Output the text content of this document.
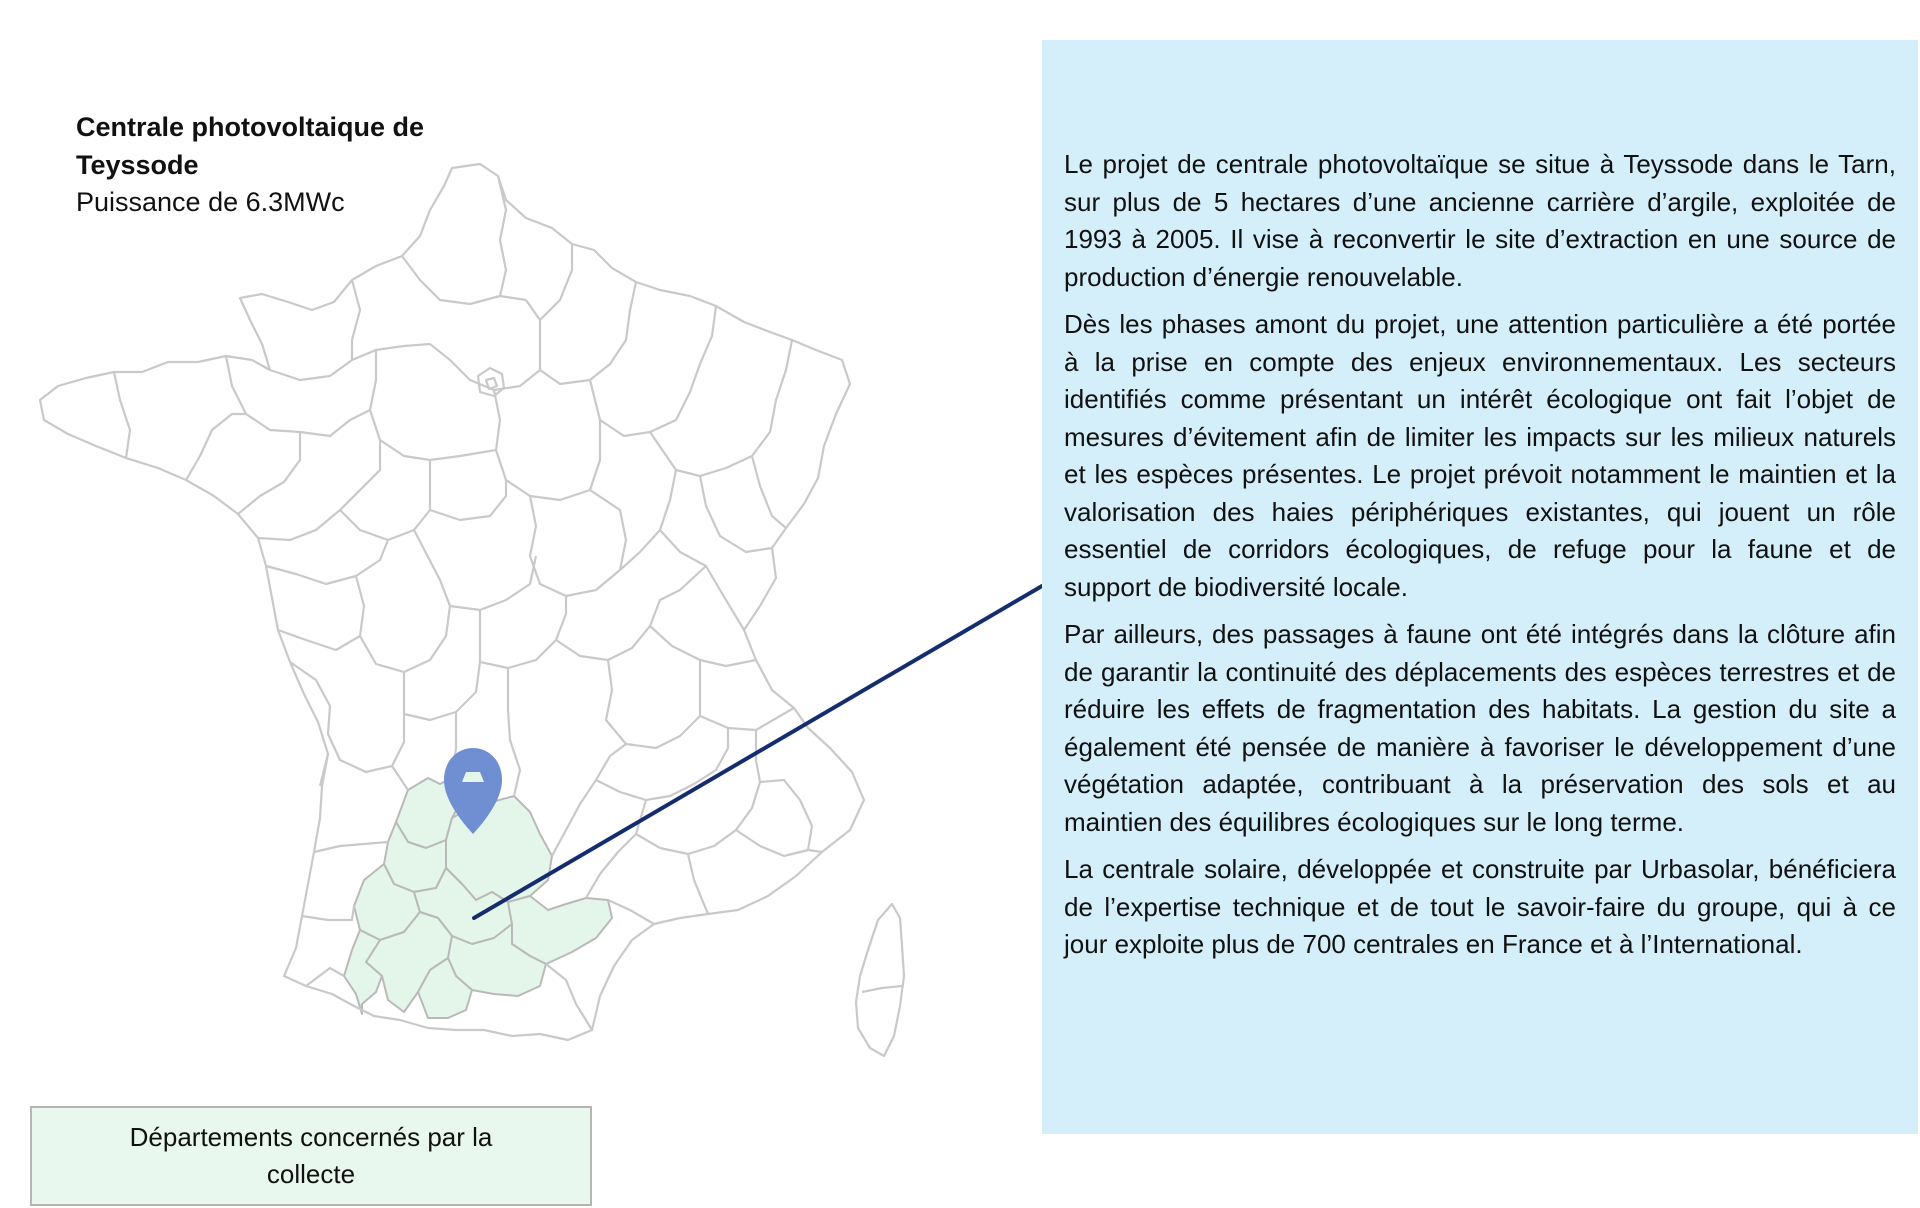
Centrale photovoltaique de Teyssode

Puissance de 6.3MWc

Le projet de centrale photovoltaïque se situe à Teyssode dans le Tarn, sur plus de 5 hectares d’une ancienne carrière d’argile, exploitée de 1993 à 2005. Il vise à reconvertir le site d’extraction en une source de production d’énergie renouvelable.

Dès les phases amont du projet, une attention particulière a été portée à la prise en compte des enjeux environnementaux. Les secteurs identifiés comme présentant un intérêt écologique ont fait l’objet de mesures d’évitement afin de limiter les impacts sur les milieux naturels et les espèces présentes. Le projet prévoit notamment le maintien et la valorisation des haies périphériques existantes, qui jouent un rôle essentiel de corridors écologiques, de refuge pour la faune et de support de biodiversité locale.

Par ailleurs, des passages à faune ont été intégrés dans la clôture afin de garantir la continuité des déplacements des espèces terrestres et de réduire les effets de fragmentation des habitats. La gestion du site a également été pensée de manière à favoriser le développement d’une végétation adaptée, contribuant à la préservation des sols et au maintien des équilibres écologiques sur le long terme.

La centrale solaire, développée et construite par Urbasolar, bénéficiera de l’expertise technique et de tout le savoir-faire du groupe, qui à ce jour exploite plus de 700 centrales en France et à l’International.

Départements concernés par la collecte
